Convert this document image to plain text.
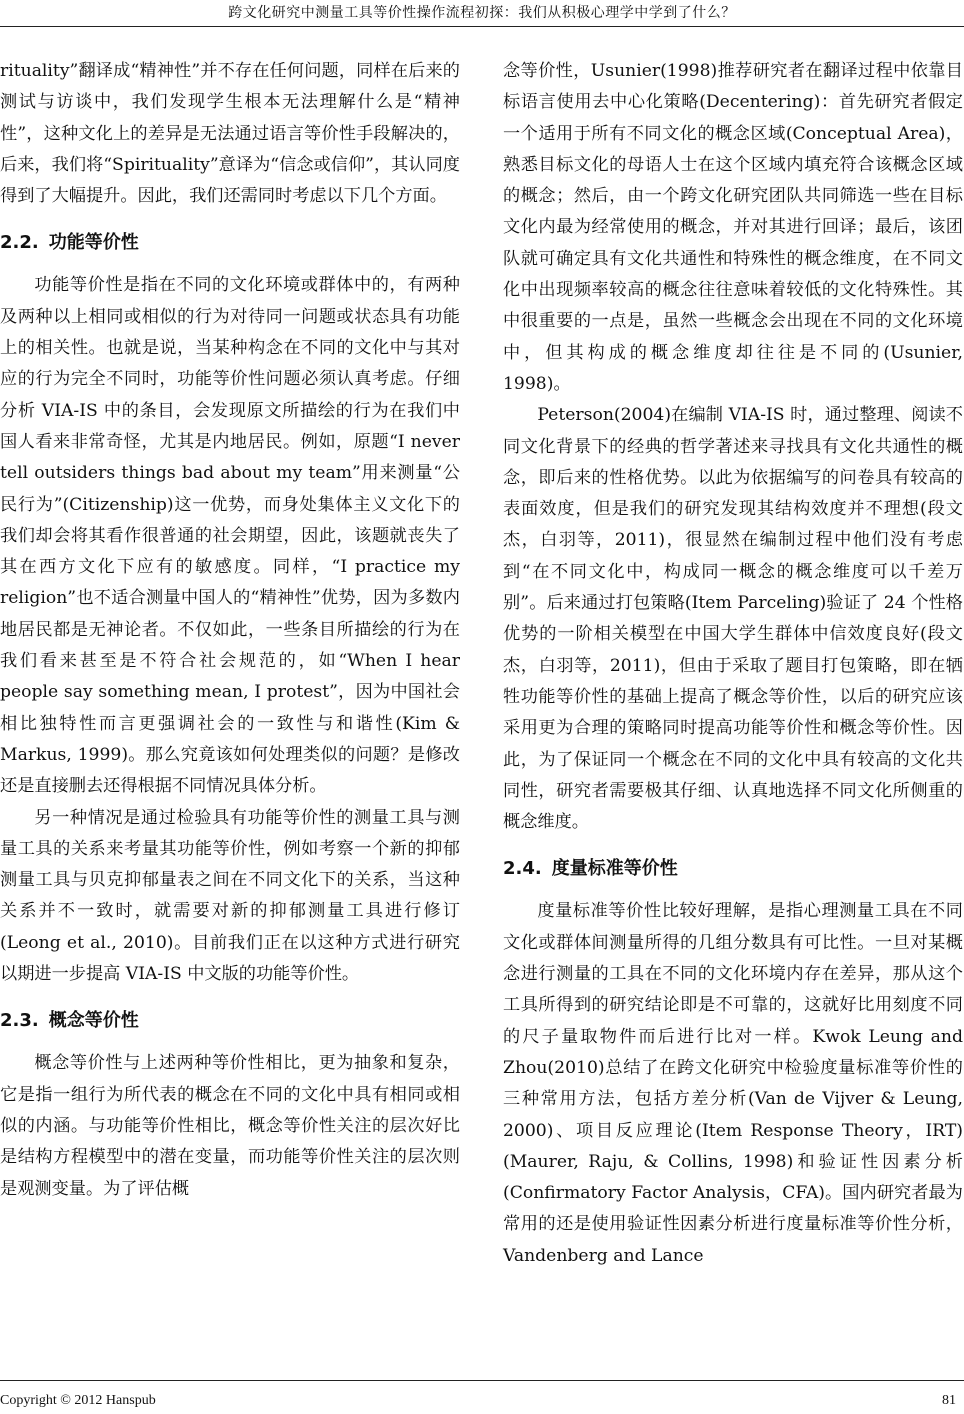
跨文化研究中测量工具等价性操作流程初探：我们从积极心理学中学到了什么？

rituality”翻译成“精神性”并不存在任何问题，同样在后来的测试与访谈中，我们发现学生根本无法理解什么是“精神性”，这种文化上的差异是无法通过语言等价性手段解决的，后来，我们将“Spirituality”意译为“信念或信仰”，其认同度得到了大幅提升。因此，我们还需同时考虑以下几个方面。

2.2. 功能等价性

功能等价性是指在不同的文化环境或群体中的，有两种及两种以上相同或相似的行为对待同一问题或状态具有功能上的相关性。也就是说，当某种构念在不同的文化中与其对应的行为完全不同时，功能等价性问题必须认真考虑。仔细分析 VIA-IS 中的条目，会发现原文所描绘的行为在我们中国人看来非常奇怪，尤其是内地居民。例如，原题“I never tell outsiders things bad about my team”用来测量“公民行为”(Citizenship)这一优势，而身处集体主义文化下的我们却会将其看作很普通的社会期望，因此，该题就丧失了其在西方文化下应有的敏感度。同样，“I practice my religion”也不适合测量中国人的“精神性”优势，因为多数内地居民都是无神论者。不仅如此，一些条目所描绘的行为在我们看来甚至是不符合社会规范的，如“When I hear people say something mean, I protest”，因为中国社会相比独特性而言更强调社会的一致性与和谐性(Kim & Markus, 1999)。那么究竟该如何处理类似的问题？是修改还是直接删去还得根据不同情况具体分析。

另一种情况是通过检验具有功能等价性的测量工具与测量工具的关系来考量其功能等价性，例如考察一个新的抑郁测量工具与贝克抑郁量表之间在不同文化下的关系，当这种关系并不一致时，就需要对新的抑郁测量工具进行修订(Leong et al., 2010)。目前我们正在以这种方式进行研究以期进一步提高 VIA-IS 中文版的功能等价性。

2.3. 概念等价性

概念等价性与上述两种等价性相比，更为抽象和复杂，它是指一组行为所代表的概念在不同的文化中具有相同或相似的内涵。与功能等价性相比，概念等价性关注的层次好比是结构方程模型中的潜在变量，而功能等价性关注的层次则是观测变量。为了评估概

念等价性，Usunier(1998)推荐研究者在翻译过程中依靠目标语言使用去中心化策略(Decentering)：首先研究者假定一个适用于所有不同文化的概念区域(Conceptual Area)，熟悉目标文化的母语人士在这个区域内填充符合该概念区域的概念；然后，由一个跨文化研究团队共同筛选一些在目标文化内最为经常使用的概念，并对其进行回译；最后，该团队就可确定具有文化共通性和特殊性的概念维度，在不同文化中出现频率较高的概念往往意味着较低的文化特殊性。其中很重要的一点是，虽然一些概念会出现在不同的文化环境中，但其构成的概念维度却往往是不同的(Usunier, 1998)。

Peterson(2004)在编制 VIA-IS 时，通过整理、阅读不同文化背景下的经典的哲学著述来寻找具有文化共通性的概念，即后来的性格优势。以此为依据编写的问卷具有较高的表面效度，但是我们的研究发现其结构效度并不理想(段文杰，白羽等，2011)，很显然在编制过程中他们没有考虑到“在不同文化中，构成同一概念的概念维度可以千差万别”。后来通过打包策略(Item Parceling)验证了 24 个性格优势的一阶相关模型在中国大学生群体中信效度良好(段文杰，白羽等，2011)，但由于采取了题目打包策略，即在牺牲功能等价性的基础上提高了概念等价性，以后的研究应该采用更为合理的策略同时提高功能等价性和概念等价性。因此，为了保证同一个概念在不同的文化中具有较高的文化共同性，研究者需要极其仔细、认真地选择不同文化所侧重的概念维度。

2.4. 度量标准等价性

度量标准等价性比较好理解，是指心理测量工具在不同文化或群体间测量所得的几组分数具有可比性。一旦对某概念进行测量的工具在不同的文化环境内存在差异，那从这个工具所得到的研究结论即是不可靠的，这就好比用刻度不同的尺子量取物件而后进行比对一样。Kwok Leung and Zhou(2010)总结了在跨文化研究中检验度量标准等价性的三种常用方法，包括方差分析(Van de Vijver & Leung, 2000)、项目反应理论(Item Response Theory，IRT)(Maurer, Raju, & Collins, 1998)和验证性因素分析(Confirmatory Factor Analysis，CFA)。国内研究者最为常用的还是使用验证性因素分析进行度量标准等价性分析，Vandenberg and Lance

Copyright © 2012 Hanspub	81
